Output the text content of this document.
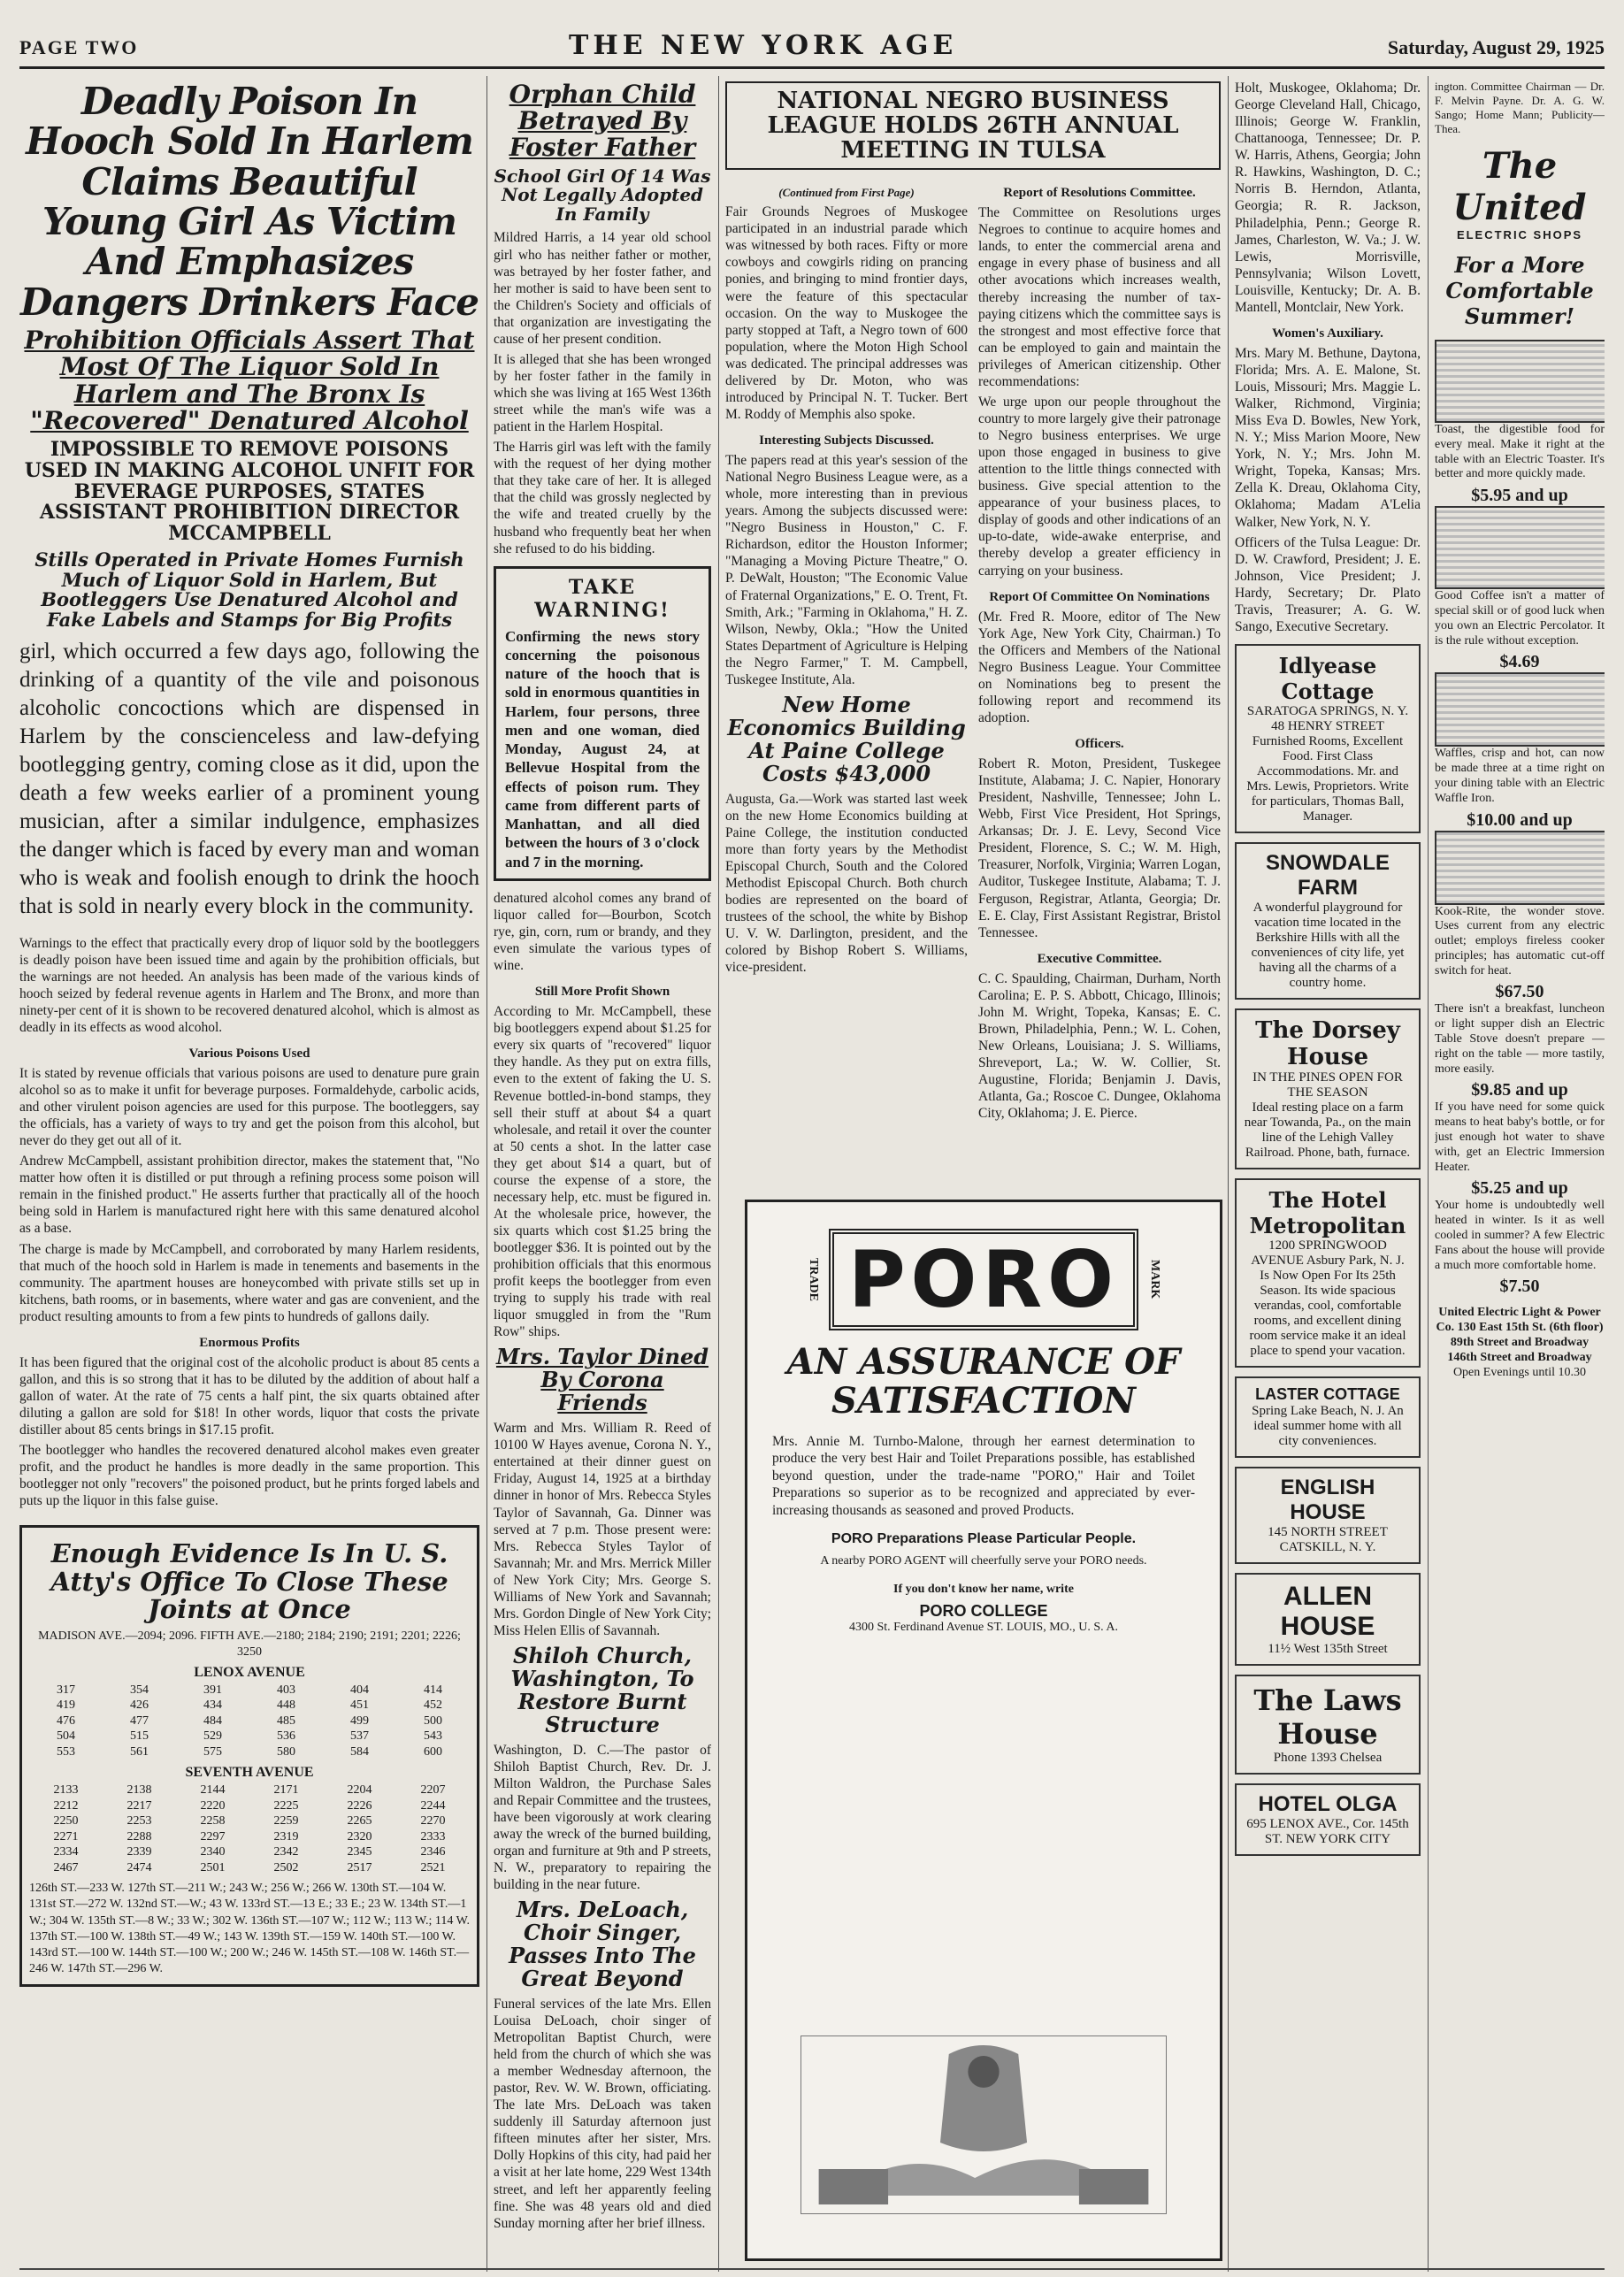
PAGE TWO	THE NEW YORK AGE	Saturday, August 29, 1925
Deadly Poison In Hooch Sold In Harlem Claims Beautiful Young Girl As Victim And Emphasizes Dangers Drinkers Face
Prohibition Officials Assert That Most Of The Liquor Sold In Harlem and The Bronx Is "Recovered" Denatured Alcohol
IMPOSSIBLE TO REMOVE POISONS USED IN MAKING ALCOHOL UNFIT FOR BEVERAGE PURPOSES, STATES ASSISTANT PROHIBITION DIRECTOR MCCAMPBELL
Stills Operated in Private Homes Furnish Much of Liquor Sold in Harlem, But Bootleggers Use Denatured Alcohol and Fake Labels and Stamps for Big Profits
girl, which occurred a few days ago, following the drinking of a quantity of the vile and poisonous alcoholic concoctions which are dispensed in Harlem by the conscienceless and law-defying bootlegging gentry, coming close as it did, upon the death a few weeks earlier of a prominent young musician, after a similar indulgence, emphasizes the danger which is faced by every man and woman who is weak and foolish enough to drink the hooch that is sold in nearly every block in the community.

Warnings to the effect that practically every drop of liquor sold by the bootleggers is deadly poison have been issued time and again by the prohibition officials, but the warnings are not heeded. An analysis has been made of the various kinds of hooch seized by federal revenue agents in Harlem and The Bronx, and more than ninety-per cent of it is shown to be recovered denatured alcohol, which is almost as deadly in its effects as wood alcohol.

Various Poisons Used

It is stated by revenue officials that various poisons are used to denature pure grain alcohol so as to make it unfit for beverage purposes. Formaldehyde, carbolic acids, and other virulent poison agencies are used for this purpose. The bootleggers, say the officials, has a variety of ways to try and get the poison from this alcohol, but never do they get out all of it.

Andrew McCampbell, assistant prohibition director, makes the statement that, "No matter how often it is distilled or put through a refining process some poison will remain in the finished product." He asserts further that practically all of the hooch being sold in Harlem is manufactured right here with this same denatured alcohol as a base.

The charge is made by McCampbell, and corroborated by many Harlem residents, that much of the hooch sold in Harlem is made in tenements and basements in the community. The apartment houses are honeycombed with private stills set up in kitchens, bath rooms, or in basements, where water and gas are convenient, and the product resulting amounts to from a few pints to hundreds of gallons daily.

Enormous Profits

It has been figured that the original cost of the alcoholic product is about 85 cents a gallon, and this is so strong that it has to be diluted by the addition of about half a gallon of water. At the rate of 75 cents a half pint, the six quarts obtained after diluting a gallon are sold for $18! In other words, liquor that costs the private distiller about 85 cents brings in $17.15 profit.

The bootlegger who handles the recovered denatured alcohol makes even greater profit, and the product he handles is more deadly in the same proportion. This bootlegger not only "recovers" the poisoned product, but he prints forged labels and puts up the liquor in this false guise.

Enough Evidence Is In U. S. Atty's Office To Close These Joints at Once
MADISON AVE.—2094; 2096. FIFTH AVE.—2180; 2184; 2190; 2191; 2201; 2226; 3250
LENOX AVENUE
317	354	391	403	404	414
419	426	434	448	451	452
476	477	484	485	499	500
504	515	529	536	537	543
553	561	575	580	584	600
SEVENTH AVENUE
2133	2138	2144	2171	2204	2207
2212	2217	2220	2225	2226	2244
2250	2253	2258	2259	2265	2270
2271	2288	2297	2319	2320	2333
2334	2339	2340	2342	2345	2346
2467	2474	2501	2502	2517	2521
126th ST.—233 W. 127th ST.—211 W.; 243 W.; 256 W.; 266 W. 130th ST.—104 W. 131st ST.—272 W. 132nd ST.—W.; 43 W. 133rd ST.—13 E.; 33 E.; 23 W. 134th ST.—1 W.; 304 W. 135th ST.—8 W.; 33 W.; 302 W. 136th ST.—107 W.; 112 W.; 113 W.; 114 W. 137th ST.—100 W. 138th ST.—49 W.; 143 W. 139th ST.—159 W. 140th ST.—100 W. 143rd ST.—100 W. 144th ST.—100 W.; 200 W.; 246 W. 145th ST.—108 W. 146th ST.—246 W. 147th ST.—296 W.
Orphan Child Betrayed By Foster Father
School Girl Of 14 Was Not Legally Adopted In Family

Mildred Harris, a 14 year old school girl who has neither father or mother, was betrayed by her foster father, and her mother is said to have been sent to the Children's Society and officials of that organization are investigating the cause of her present condition.

It is alleged that she has been wronged by her foster father in the family in which she was living at 165 West 136th street while the man's wife was a patient in the Harlem Hospital.

The Harris girl was left with the family with the request of her dying mother that they take care of her. It is alleged that the child was grossly neglected by the wife and treated cruelly by the husband who frequently beat her when she refused to do his bidding.

TAKE WARNING!

Confirming the news story concerning the poisonous nature of the hooch that is sold in enormous quantities in Harlem, four persons, three men and one woman, died Monday, August 24, at Bellevue Hospital from the effects of poison rum. They came from different parts of Manhattan, and all died between the hours of 3 o'clock and 7 in the morning.

denatured alcohol comes any brand of liquor called for—Bourbon, Scotch rye, gin, corn, rum or brandy, and they even simulate the various types of wine.

Still More Profit Shown

According to Mr. McCampbell, these big bootleggers expend about $1.25 for every six quarts of "recovered" liquor they handle. As they put on extra fills, even to the extent of faking the U. S. Revenue bottled-in-bond stamps, they sell their stuff at about $4 a quart wholesale, and retail it over the counter at 50 cents a shot. In the latter case they get about $14 a quart, but of course the expense of a store, the necessary help, etc. must be figured in. At the wholesale price, however, the six quarts which cost $1.25 bring the bootlegger $36. It is pointed out by the prohibition officials that this enormous profit keeps the bootlegger from even trying to supply his trade with real liquor smuggled in from the "Rum Row" ships.

Mrs. Taylor Dined By Corona Friends

Warm and Mrs. William R. Reed of 10100 W Hayes avenue, Corona N. Y., entertained at their dinner guest on Friday, August 14, 1925 at a birthday dinner in honor of Mrs. Rebecca Styles Taylor of Savannah, Ga. Dinner was served at 7 p.m. Those present were: Mrs. Rebecca Styles Taylor of Savannah; Mr. and Mrs. Merrick Miller of New York City; Mrs. George S. Williams of New York and Savannah; Mrs. Gordon Dingle of New York City; Miss Helen Ellis of Savannah.

Shiloh Church, Washington, To Restore Burnt Structure

Washington, D. C.—The pastor of Shiloh Baptist Church, Rev. Dr. J. Milton Waldron, the Purchase Sales and Repair Committee and the trustees, have been vigorously at work clearing away the wreck of the burned building, organ and furniture at 9th and P streets, N. W., preparatory to repairing the building in the near future.

Mrs. DeLoach, Choir Singer, Passes Into The Great Beyond

Funeral services of the late Mrs. Ellen Louisa DeLoach, choir singer of Metropolitan Baptist Church, were held from the church of which she was a member Wednesday afternoon, the pastor, Rev. W. W. Brown, officiating. The late Mrs. DeLoach was taken suddenly ill Saturday afternoon just fifteen minutes after her sister, Mrs. Dolly Hopkins of this city, had paid her a visit at her late home, 229 West 134th street, and left her apparently feeling fine. She was 48 years old and died Sunday morning after her brief illness.

NATIONAL NEGRO BUSINESS LEAGUE HOLDS 26TH ANNUAL MEETING IN TULSA
(Continued from First Page)

Fair Grounds Negroes of Muskogee participated in an industrial parade which was witnessed by both races. Fifty or more cowboys and cowgirls riding on prancing ponies, and bringing to mind frontier days, were the feature of this spectacular occasion. On the way to Muskogee the party stopped at Taft, a Negro town of 600 population, where the Moton High School was dedicated. The principal addresses was delivered by Dr. Moton, who was introduced by Principal N. T. Tucker. Bert M. Roddy of Memphis also spoke.

Interesting Subjects Discussed.

The papers read at this year's session of the National Negro Business League were, as a whole, more interesting than in previous years. Among the subjects discussed were: "Negro Business in Houston," C. F. Richardson, editor the Houston Informer; "Managing a Moving Picture Theatre," O. P. DeWalt, Houston; "The Economic Value of Fraternal Organizations," E. O. Trent, Ft. Smith, Ark.; "Farming in Oklahoma," H. Z. Wilson, Newby, Okla.; "How the United States Department of Agriculture is Helping the Negro Farmer," T. M. Campbell, Tuskegee Institute, Ala.

New Home Economics Building At Paine College Costs $43,000

Augusta, Ga.—Work was started last week on the new Home Economics building at Paine College, the institution conducted more than forty years by the Methodist Episcopal Church, South and the Colored Methodist Episcopal Church. Both church bodies are represented on the board of trustees of the school, the white by Bishop U. V. W. Darlington, president, and the colored by Bishop Robert S. Williams, vice-president.

Report of Resolutions Committee.

The Committee on Resolutions urges Negroes to continue to acquire homes and lands, to enter the commercial arena and engage in every phase of business and all other avocations which increases wealth, thereby increasing the number of tax-paying citizens which the committee says is the strongest and most effective force that can be employed to gain and maintain the privileges of American citizenship. Other recommendations:

We urge upon our people throughout the country to more largely give their patronage to Negro business enterprises. We urge upon those engaged in business to give attention to the little things connected with business. Give special attention to the appearance of your business places, to display of goods and other indications of an up-to-date, wide-awake enterprise, and thereby develop a greater efficiency in carrying on your business.

Report Of Committee On Nominations

(Mr. Fred R. Moore, editor of The New York Age, New York City, Chairman.) To the Officers and Members of the National Negro Business League. Your Committee on Nominations beg to present the following report and recommend its adoption.

Officers.

Robert R. Moton, President, Tuskegee Institute, Alabama; J. C. Napier, Honorary President, Nashville, Tennessee; John L. Webb, First Vice President, Hot Springs, Arkansas; Dr. J. E. Levy, Second Vice President, Florence, S. C.; W. M. High, Treasurer, Norfolk, Virginia; Warren Logan, Auditor, Tuskegee Institute, Alabama; T. J. Ferguson, Registrar, Atlanta, Georgia; Dr. E. E. Clay, First Assistant Registrar, Bristol Tennessee.

Executive Committee.

C. C. Spaulding, Chairman, Durham, North Carolina; E. P. S. Abbott, Chicago, Illinois; John M. Wright, Topeka, Kansas; E. C. Brown, Philadelphia, Penn.; W. L. Cohen, New Orleans, Louisiana; J. S. Williams, Shreveport, La.; W. W. Collier, St. Augustine, Florida; Benjamin J. Davis, Atlanta, Ga.; Roscoe C. Dungee, Oklahoma City, Oklahoma; J. E. Pierce.

TRADE PORO	MARK
AN ASSURANCE OF SATISFACTION
Mrs. Annie M. Turnbo-Malone, through her earnest determination to produce the very best Hair and Toilet Preparations possible, has established beyond question, under the trade-name "PORO," Hair and Toilet Preparations so superior as to be recognized and appreciated by ever-increasing thousands as seasoned and proved Products.
PORO Preparations Please Particular People.
A nearby PORO AGENT will cheerfully serve your PORO needs.
If you don't know her name, write
PORO COLLEGE
4300 St. Ferdinand Avenue ST. LOUIS, MO., U. S. A.

Holt, Muskogee, Oklahoma; Dr. George Cleveland Hall, Chicago, Illinois; George W. Franklin, Chattanooga, Tennessee; Dr. P. W. Harris, Athens, Georgia; John R. Hawkins, Washington, D. C.; Norris B. Herndon, Atlanta, Georgia; R. R. Jackson, Philadelphia, Penn.; George R. James, Charleston, W. Va.; J. W. Lewis, Morrisville, Pennsylvania; Wilson Lovett, Louisville, Kentucky; Dr. A. B. Mantell, Montclair, New York.

Women's Auxiliary.

Mrs. Mary M. Bethune, Daytona, Florida; Mrs. A. E. Malone, St. Louis, Missouri; Mrs. Maggie L. Walker, Richmond, Virginia; Miss Eva D. Bowles, New York, N. Y.; Miss Marion Moore, New York, N. Y.; Mrs. John M. Wright, Topeka, Kansas; Mrs. Zella K. Dreau, Oklahoma City, Oklahoma; Madam A'Lelia Walker, New York, N. Y.

Officers of the Tulsa League: Dr. D. W. Crawford, President; J. E. Johnson, Vice President; J. Hardy, Secretary; Dr. Plato Travis, Treasurer; A. G. W. Sango, Executive Secretary.

Idlyease Cottage
SARATOGA SPRINGS, N. Y. 48 HENRY STREET
Furnished Rooms, Excellent Food. First Class Accommodations. Mr. and Mrs. Lewis, Proprietors. Write for particulars, Thomas Ball, Manager.
SNOWDALE FARM
A wonderful playground for vacation time located in the Berkshire Hills with all the conveniences of city life, yet having all the charms of a country home.
The Dorsey House
IN THE PINES OPEN FOR THE SEASON
Ideal resting place on a farm near Towanda, Pa., on the main line of the Lehigh Valley Railroad. Phone, bath, furnace.
The Hotel Metropolitan
1200 SPRINGWOOD AVENUE Asbury Park, N. J.
Is Now Open For Its 25th Season. Its wide spacious verandas, cool, comfortable rooms, and excellent dining room service make it an ideal place to spend your vacation.
LASTER COTTAGE
Spring Lake Beach, N. J. An ideal summer home with all city conveniences.
ENGLISH HOUSE
145 NORTH STREET CATSKILL, N. Y.
ALLEN HOUSE
11½ West 135th Street
The Laws House
Phone 1393 Chelsea
HOTEL OLGA
695 LENOX AVE., Cor. 145th ST. NEW YORK CITY

ington. Committee Chairman — Dr. F. Melvin Payne. Dr. A. G. W. Sango; Home Mann; Publicity—Thea.

The United
ELECTRIC SHOPS
For a More Comfortable Summer!
Toast, the digestible food for every meal. Make it right at the table with an Electric Toaster. It's better and more quickly made.
$5.95 and up
Good Coffee isn't a matter of special skill or of good luck when you own an Electric Percolator. It is the rule without exception.
$4.69
Waffles, crisp and hot, can now be made three at a time right on your dining table with an Electric Waffle Iron.
$10.00 and up
Kook-Rite, the wonder stove. Uses current from any electric outlet; employs fireless cooker principles; has automatic cut-off switch for heat.
$67.50
There isn't a breakfast, luncheon or light supper dish an Electric Table Stove doesn't prepare — right on the table — more tastily, more easily.
$9.85 and up
If you have need for some quick means to heat baby's bottle, or for just enough hot water to shave with, get an Electric Immersion Heater.
$5.25 and up
Your home is undoubtedly well heated in winter. Is it as well cooled in summer? A few Electric Fans about the house will provide a much more comfortable home.
$7.50
United Electric Light & Power Co. 130 East 15th St. (6th floor) 89th Street and Broadway 146th Street and Broadway
Open Evenings until 10.30
